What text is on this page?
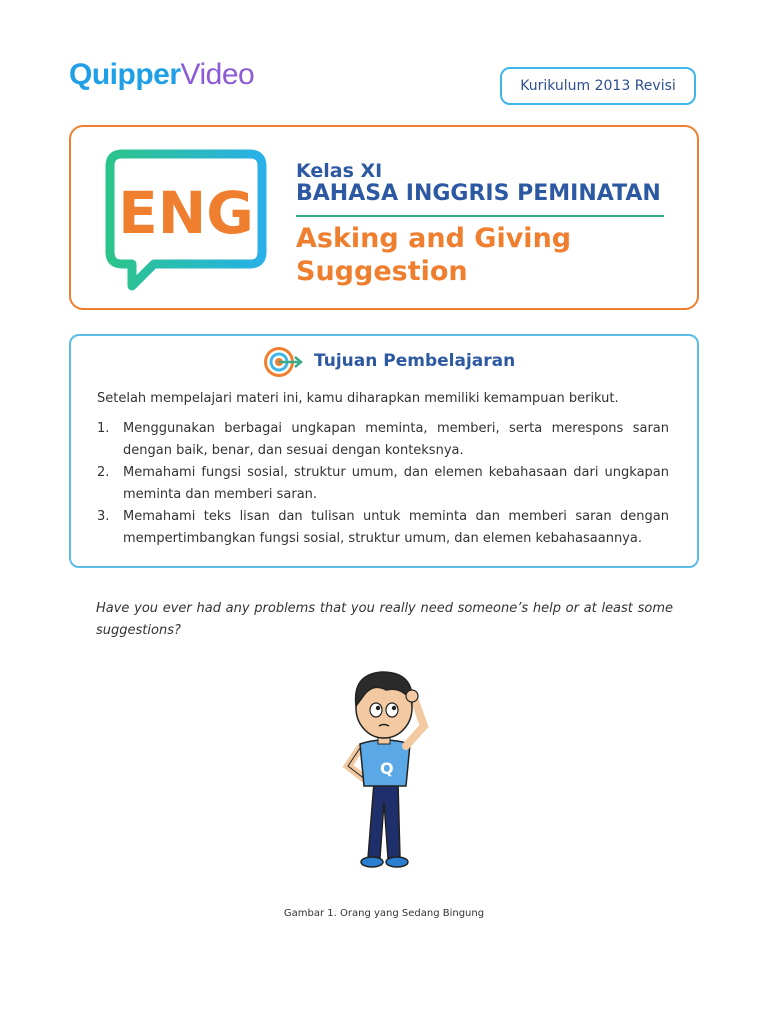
QuipperVideo	Kurikulum 2013 Revisi
ENG
Kelas XI
BAHASA INGGRIS PEMINATAN
Asking and Giving
Suggestion
Tujuan Pembelajaran
Setelah mempelajari materi ini, kamu diharapkan memiliki kemampuan berikut.
1.	Menggunakan berbagai ungkapan meminta, memberi, serta merespons saran dengan baik, benar, dan sesuai dengan konteksnya.
2.	Memahami fungsi sosial, struktur umum, dan elemen kebahasaan dari ungkapan meminta dan memberi saran.
3.	Memahami teks lisan dan tulisan untuk meminta dan memberi saran dengan mempertimbangkan fungsi sosial, struktur umum, dan elemen kebahasaannya.
Have you ever had any problems that you really need someone’s help or at least some suggestions?
Q
Gambar 1. Orang yang Sedang Bingung
